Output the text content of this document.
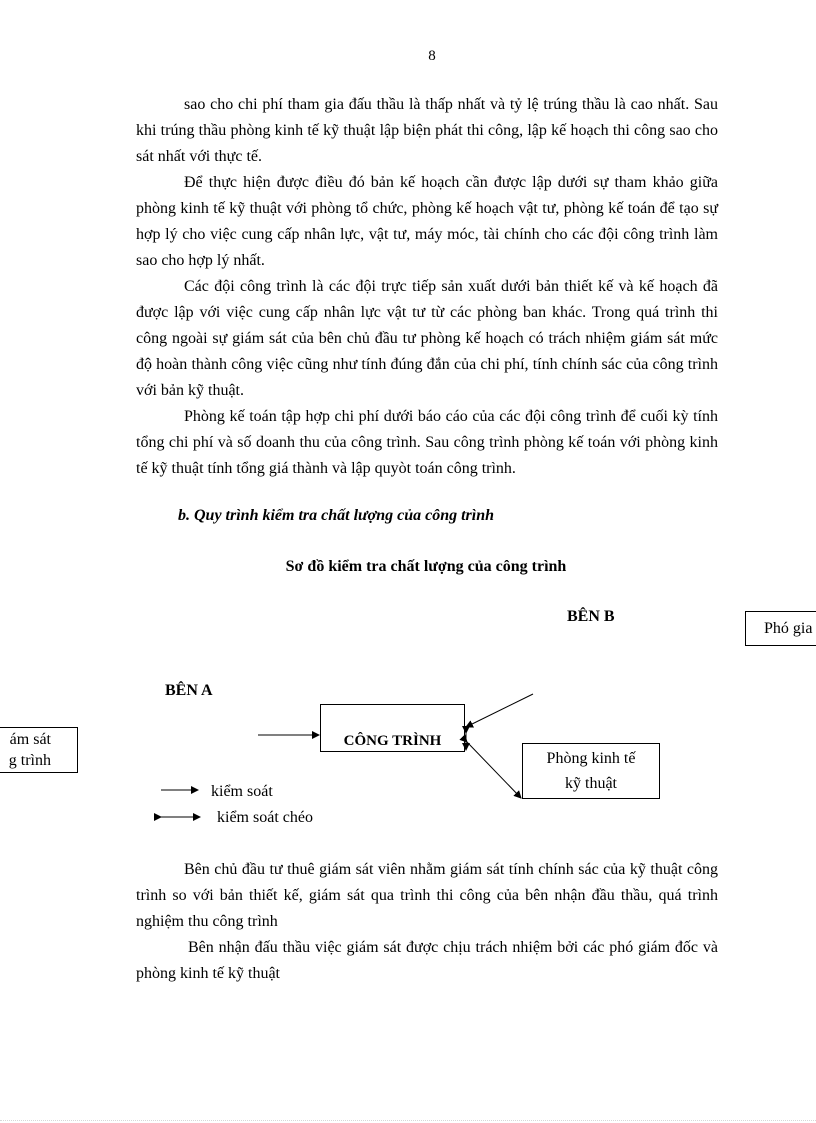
8

sao cho chi phí tham gia đấu thầu là thấp nhất và tỷ lệ trúng thầu là cao nhất. Sau khi trúng thầu phòng kinh tế kỹ thuật lập biện phát thi công, lập kế hoạch thi công sao cho sát nhất với thực tế.

Để thực hiện được điều đó bản kế hoạch cần được lập dưới sự tham khảo giữa phòng kinh tế kỹ thuật với phòng tổ chức, phòng kế hoạch vật tư, phòng kế toán để tạo sự hợp lý cho việc cung cấp nhân lực, vật tư, máy móc, tài chính cho các đội công trình làm sao cho hợp lý nhất.

Các đội công trình là các đội trực tiếp sản xuất dưới bản thiết kế và kế hoạch đã được lập với việc cung cấp nhân lực vật tư từ các phòng ban khác. Trong quá trình thi công ngoài sự giám sát của bên chủ đầu tư phòng kế hoạch có trách nhiệm giám sát mức độ hoàn thành công việc cũng như tính đúng đắn của chi phí, tính chính sác của công trình với bản kỹ thuật.

Phòng kế toán tập hợp chi phí dưới báo cáo của các đội công trình để cuối kỳ tính tổng chi phí và số doanh thu của công trình. Sau công trình phòng kế toán với phòng kinh tế kỹ thuật tính tổng giá thành và lập quyòt toán công trình.

b. Quy trình kiểm tra chất lượng của công trình
Sơ đồ kiểm tra chất lượng của công trình
BÊN B
BÊN A
Phó gia
ám sát
g trình
CÔNG TRÌNH
Phòng kinh tế
kỹ thuật
kiểm soát
kiểm soát chéo

Bên chủ đầu tư thuê giám sát viên nhằm giám sát tính chính sác của kỹ thuật công trình so với bản thiết kế, giám sát qua trình thi công của bên nhận đầu thầu, quá trình nghiệm thu công trình

Bên nhận đấu thầu việc giám sát được chịu trách nhiệm bởi các phó giám đốc và phòng kinh tế kỹ thuật
